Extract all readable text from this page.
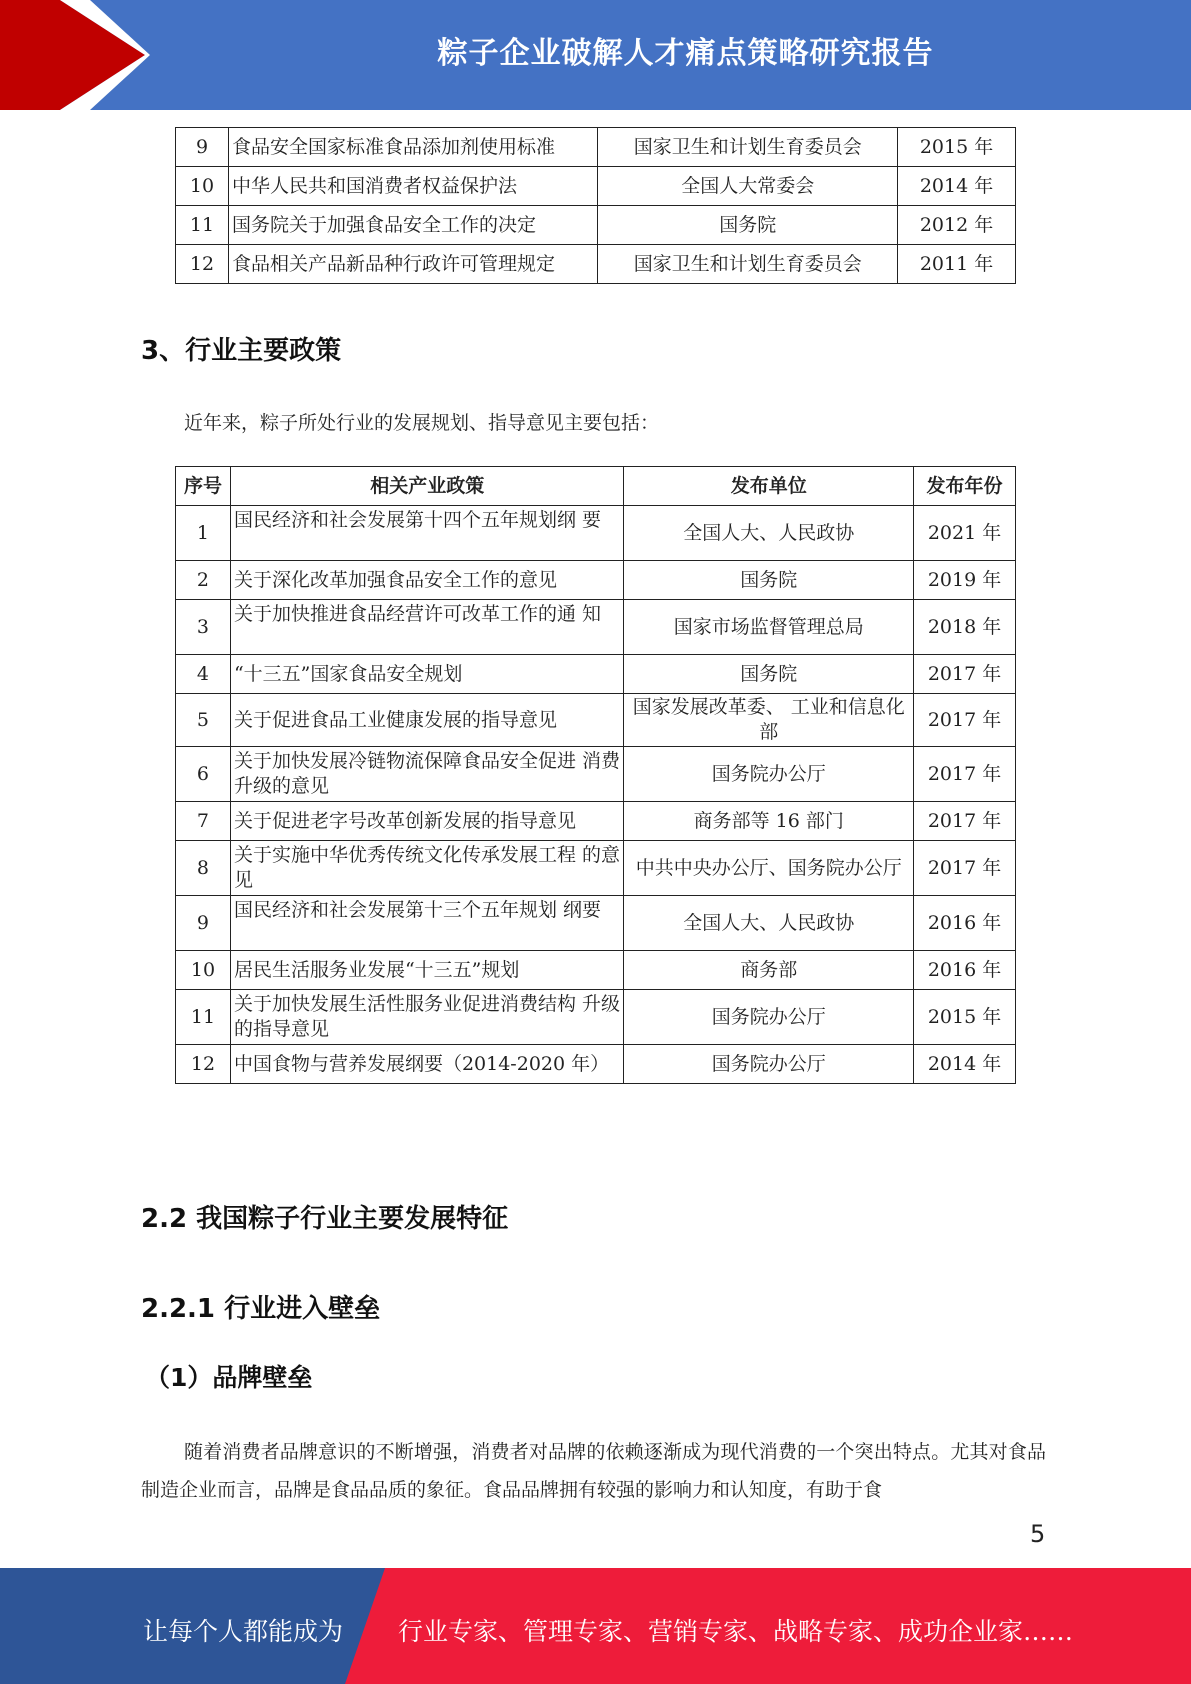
粽子企业破解人才痛点策略研究报告
9	食品安全国家标准食品添加剂使用标准	国家卫生和计划生育委员会	2015 年
10	中华人民共和国消费者权益保护法	全国人大常委会	2014 年
11	国务院关于加强食品安全工作的决定	国务院	2012 年
12	食品相关产品新品种行政许可管理规定	国家卫生和计划生育委员会	2011 年
3、行业主要政策

近年来，粽子所处行业的发展规划、指导意见主要包括：

序号	相关产业政策	发布单位	发布年份
1	国民经济和社会发展第十四个五年规划纲 要	全国人大、人民政协	2021 年
2	关于深化改革加强食品安全工作的意见	国务院	2019 年
3	关于加快推进食品经营许可改革工作的通 知	国家市场监督管理总局	2018 年
4	“十三五”国家食品安全规划	国务院	2017 年
5	关于促进食品工业健康发展的指导意见	国家发展改革委、 工业和信息化部	2017 年
6	关于加快发展冷链物流保障食品安全促进 消费升级的意见	国务院办公厅	2017 年
7	关于促进老字号改革创新发展的指导意见	商务部等 16 部门	2017 年
8	关于实施中华优秀传统文化传承发展工程 的意见	中共中央办公厅、国务院办公厅	2017 年
9	国民经济和社会发展第十三个五年规划 纲要	全国人大、人民政协	2016 年
10	居民生活服务业发展“十三五”规划	商务部	2016 年
11	关于加快发展生活性服务业促进消费结构 升级的指导意见	国务院办公厅	2015 年
12	中国食物与营养发展纲要（2014-2020 年）	国务院办公厅	2014 年
2.2 我国粽子行业主要发展特征
2.2.1 行业进入壁垒
（1）品牌壁垒

随着消费者品牌意识的不断增强，消费者对品牌的依赖逐渐成为现代消费的一个突出特点。尤其对食品制造企业而言，品牌是食品品质的象征。食品品牌拥有较强的影响力和认知度，有助于食

5
让每个人都能成为 行业专家、管理专家、营销专家、战略专家、成功企业家……
